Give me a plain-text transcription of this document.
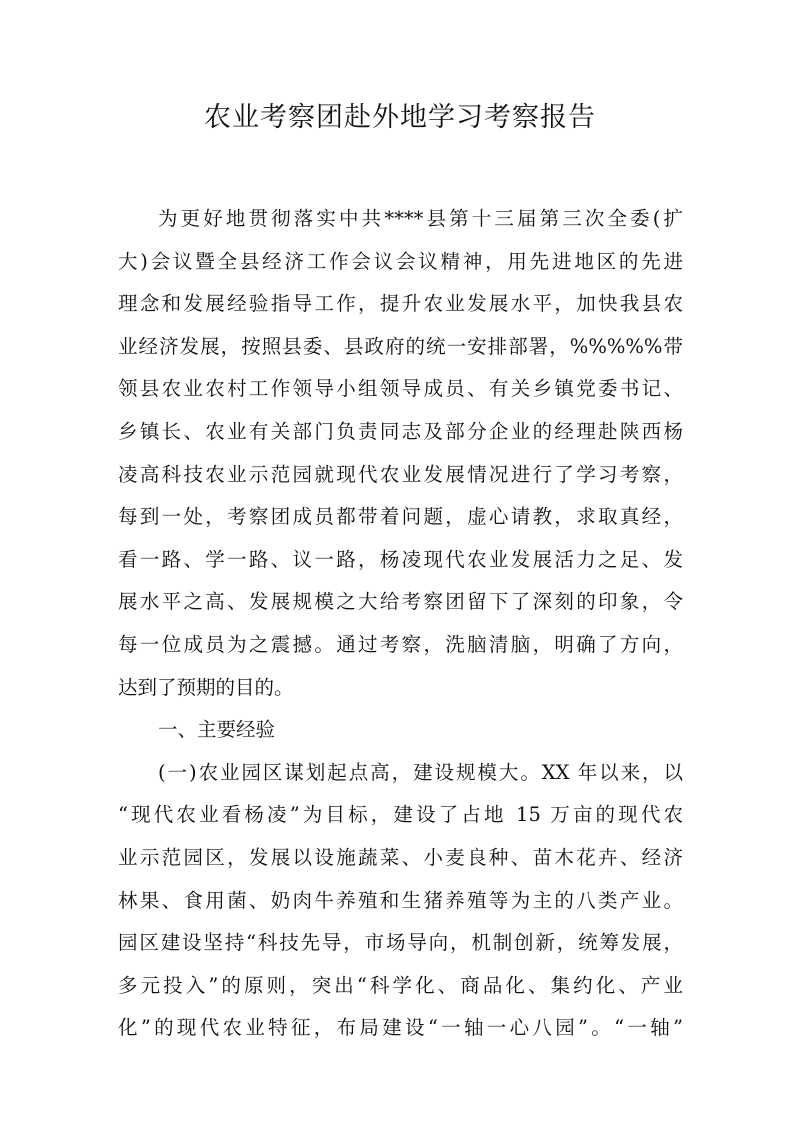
农业考察团赴外地学习考察报告
为更好地贯彻落实中共****县第十三届第三次全委(扩
大)会议暨全县经济工作会议会议精神，用先进地区的先进
理念和发展经验指导工作，提升农业发展水平，加快我县农
业经济发展，按照县委、县政府的统一安排部署，%%%%%带
领县农业农村工作领导小组领导成员、有关乡镇党委书记、
乡镇长、农业有关部门负责同志及部分企业的经理赴陕西杨
凌高科技农业示范园就现代农业发展情况进行了学习考察，
每到一处，考察团成员都带着问题，虚心请教，求取真经，
看一路、学一路、议一路，杨凌现代农业发展活力之足、发
展水平之高、发展规模之大给考察团留下了深刻的印象，令
每一位成员为之震撼。通过考察，洗脑清脑，明确了方向，
达到了预期的目的。
一、主要经验
(一)农业园区谋划起点高，建设规模大。XX 年以来，以
“现代农业看杨凌”为目标，建设了占地 15 万亩的现代农
业示范园区，发展以设施蔬菜、小麦良种、苗木花卉、经济
林果、食用菌、奶肉牛养殖和生猪养殖等为主的八类产业。
园区建设坚持“科技先导，市场导向，机制创新，统筹发展，
多元投入”的原则，突出“科学化、商品化、集约化、产业
化”的现代农业特征，布局建设“一轴一心八园”。“一轴”
